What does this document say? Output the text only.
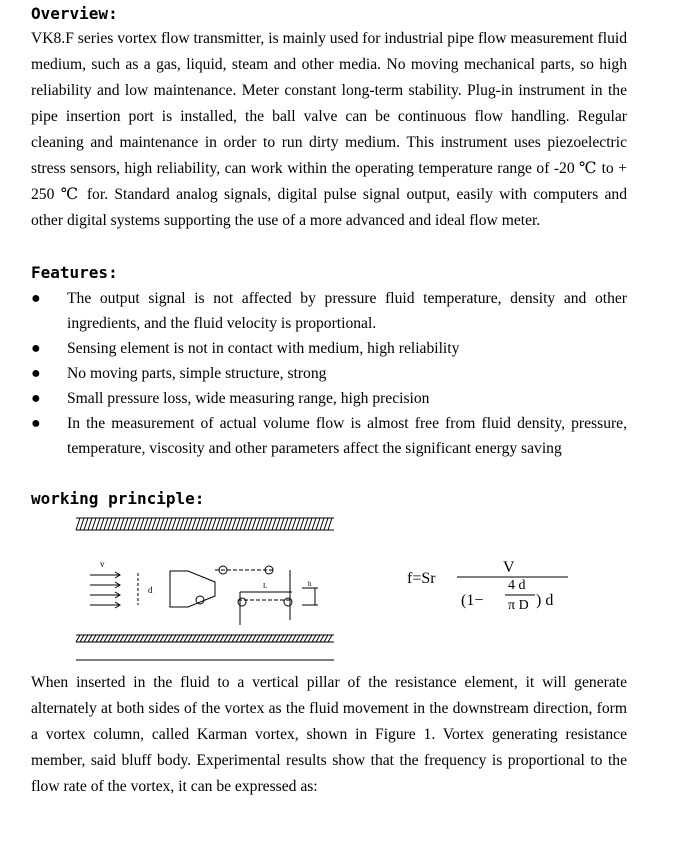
Overview:

VK8.F series vortex flow transmitter, is mainly used for industrial pipe flow measurement fluid medium, such as a gas, liquid, steam and other media. No moving mechanical parts, so high reliability and low maintenance. Meter constant long-term stability. Plug-in instrument in the pipe insertion port is installed, the ball valve can be continuous flow handling. Regular cleaning and maintenance in order to run dirty medium. This instrument uses piezoelectric stress sensors, high reliability, can work within the operating temperature range of -20 ℃ to + 250 ℃ for. Standard analog signals, digital pulse signal output, easily with computers and other digital systems supporting the use of a more advanced and ideal flow meter.

Features:
● The output signal is not affected by pressure fluid temperature, density and other ingredients, and the fluid velocity is proportional.
● Sensing element is not in contact with medium, high reliability
● No moving parts, simple structure, strong
● Small pressure loss, wide measuring range, high precision
● In the measurement of actual volume flow is almost free from fluid density, pressure, temperature, viscosity and other parameters affect the significant energy saving
working principle:
v
d	L	h	f=Sr
V
(1−
4 d
π D ) d

When inserted in the fluid to a vertical pillar of the resistance element, it will generate alternately at both sides of the vortex as the fluid movement in the downstream direction, form a vortex column, called Karman vortex, shown in Figure 1. Vortex generating resistance member, said bluff body. Experimental results show that the frequency is proportional to the flow rate of the vortex, it can be expressed as:
